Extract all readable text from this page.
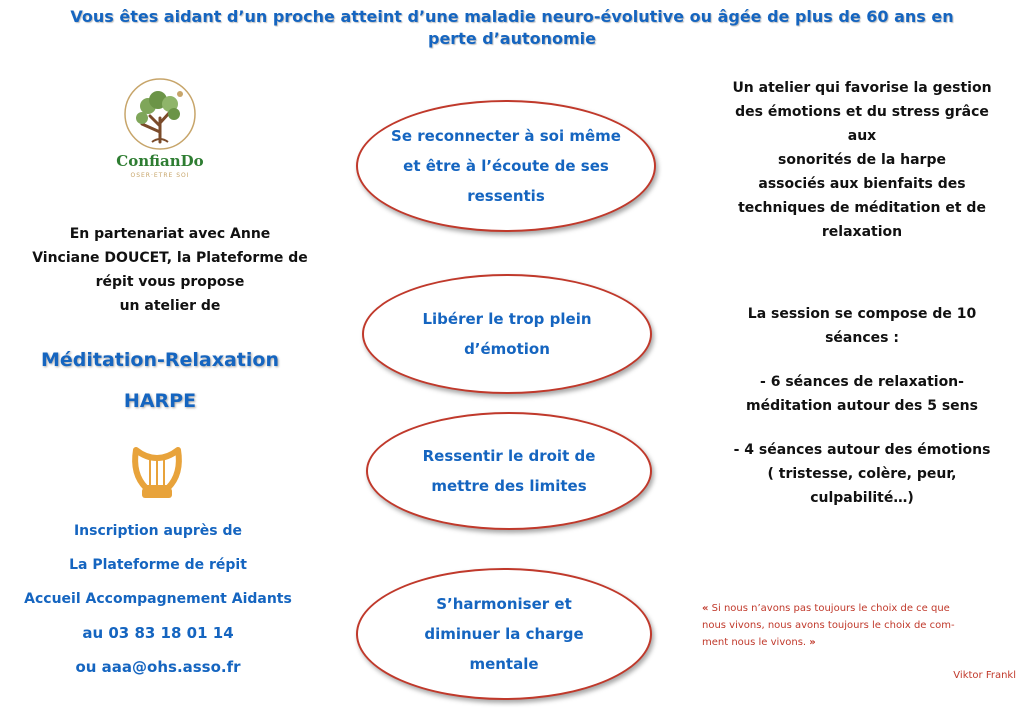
Vous êtes aidant d’un proche atteint d’une maladie neuro-évolutive ou âgée de plus de 60 ans en
perte d’autonomie
ConfianDo
OSER·ETRE SOI
En partenariat avec Anne
Vinciane DOUCET, la Plateforme de
répit vous propose
un atelier de
Méditation-Relaxation
HARPE
Inscription auprès de
La Plateforme de répit
Accueil Accompagnement Aidants
au 03 83 18 01 14
ou aaa@ohs.asso.fr
Se reconnecter à soi même
et être à l’écoute de ses
ressentis
Libérer le trop plein
d’émotion
Ressentir le droit de
mettre des limites
S’harmoniser et
diminuer la charge
mentale
Un atelier qui favorise la gestion
des émotions et du stress grâce
aux
sonorités de la harpe
associés aux bienfaits des
techniques de méditation et de
relaxation
La session se compose de 10
séances :
- 6 séances de relaxation-
méditation autour des 5 sens
- 4 séances autour des émotions
( tristesse, colère, peur,
culpabilité…)
« Si nous n’avons pas toujours le choix de ce que
nous vivons, nous avons toujours le choix de com-
ment nous le vivons. »
Viktor Frankl
